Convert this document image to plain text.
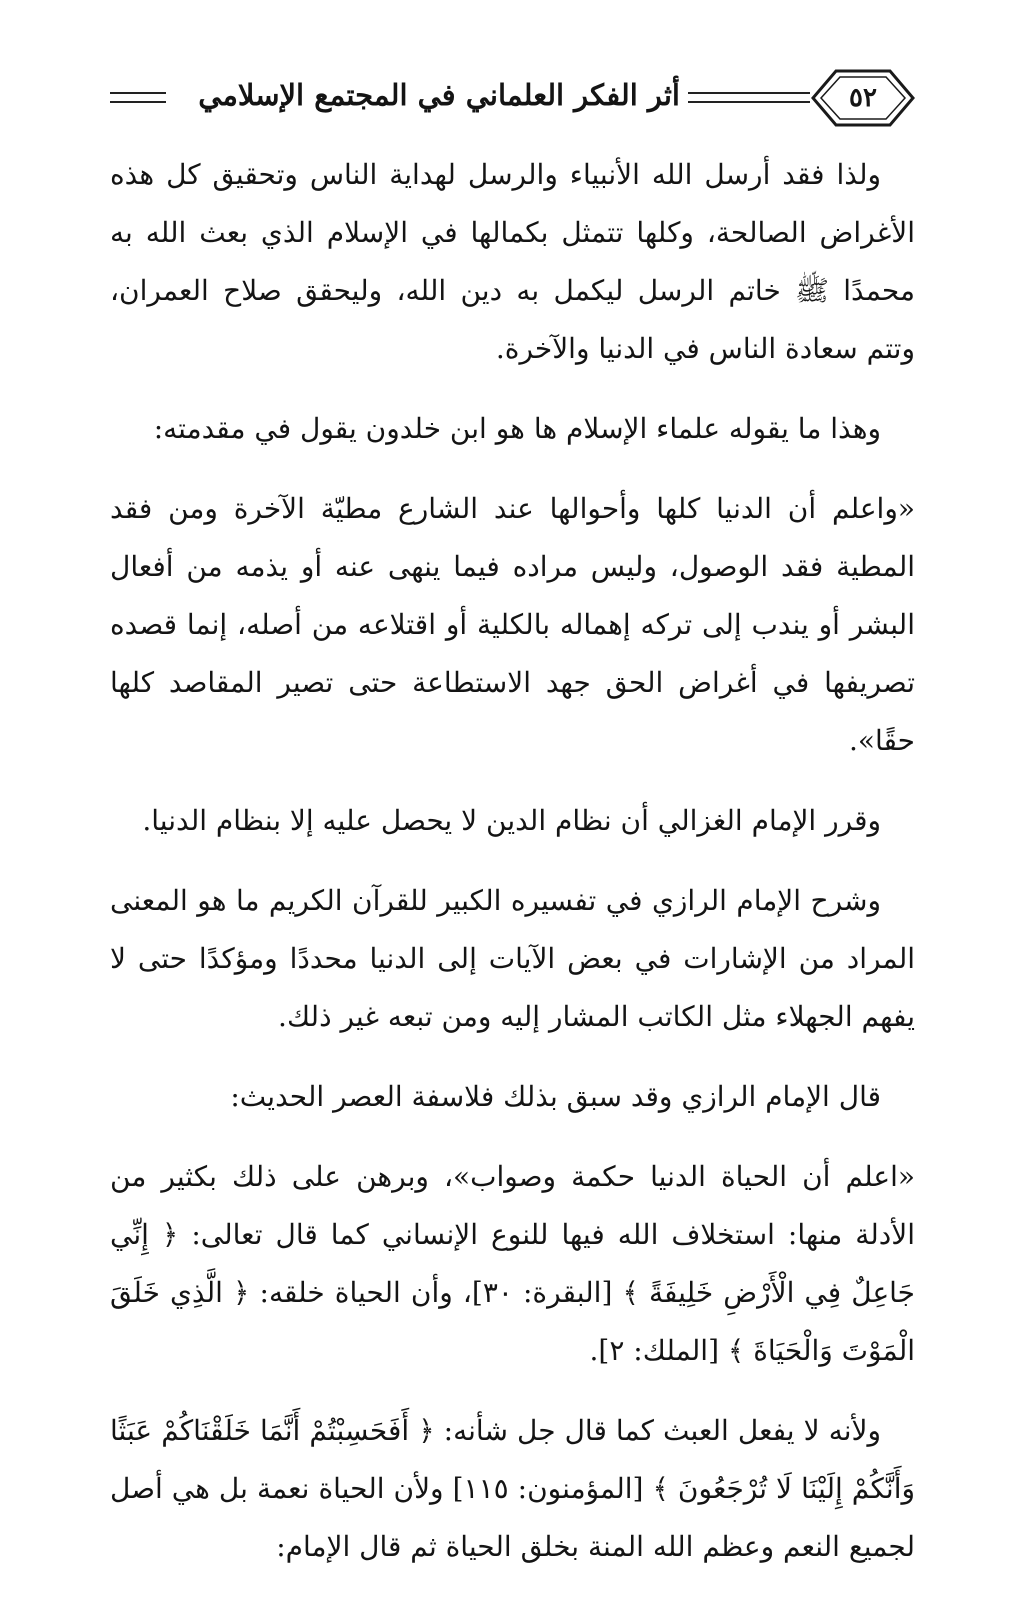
٥٢
أثر الفكر العلماني في المجتمع الإسلامي

ولذا فقد أرسل الله الأنبياء والرسل لهداية الناس وتحقيق كل هذه الأغراض الصالحة، وكلها تتمثل بكمالها في الإسلام الذي بعث الله به محمدًا ﷺ خاتم الرسل ليكمل به دين الله، وليحقق صلاح العمران، وتتم سعادة الناس في الدنيا والآخرة.

وهذا ما يقوله علماء الإسلام ها هو ابن خلدون يقول في مقدمته:

«واعلم أن الدنيا كلها وأحوالها عند الشارع مطيّة الآخرة ومن فقد المطية فقد الوصول، وليس مراده فيما ينهى عنه أو يذمه من أفعال البشر أو يندب إلى تركه إهماله بالكلية أو اقتلاعه من أصله، إنما قصده تصريفها في أغراض الحق جهد الاستطاعة حتى تصير المقاصد كلها حقًا».

وقرر الإمام الغزالي أن نظام الدين لا يحصل عليه إلا بنظام الدنيا.

وشرح الإمام الرازي في تفسيره الكبير للقرآن الكريم ما هو المعنى المراد من الإشارات في بعض الآيات إلى الدنيا محددًا ومؤكدًا حتى لا يفهم الجهلاء مثل الكاتب المشار إليه ومن تبعه غير ذلك.

قال الإمام الرازي وقد سبق بذلك فلاسفة العصر الحديث:

«اعلم أن الحياة الدنيا حكمة وصواب»، وبرهن على ذلك بكثير من الأدلة منها: استخلاف الله فيها للنوع الإنساني كما قال تعالى: ﴿ إِنِّي جَاعِلٌ فِي الْأَرْضِ خَلِيفَةً ﴾ [البقرة: ٣٠]، وأن الحياة خلقه: ﴿ الَّذِي خَلَقَ الْمَوْتَ وَالْحَيَاةَ ﴾ [الملك: ٢].

ولأنه لا يفعل العبث كما قال جل شأنه: ﴿ أَفَحَسِبْتُمْ أَنَّمَا خَلَقْنَاكُمْ عَبَثًا وَأَنَّكُمْ إِلَيْنَا لَا تُرْجَعُونَ ﴾ [المؤمنون: ١١٥] ولأن الحياة نعمة بل هي أصل لجميع النعم وعظم الله المنة بخلق الحياة ثم قال الإمام:
